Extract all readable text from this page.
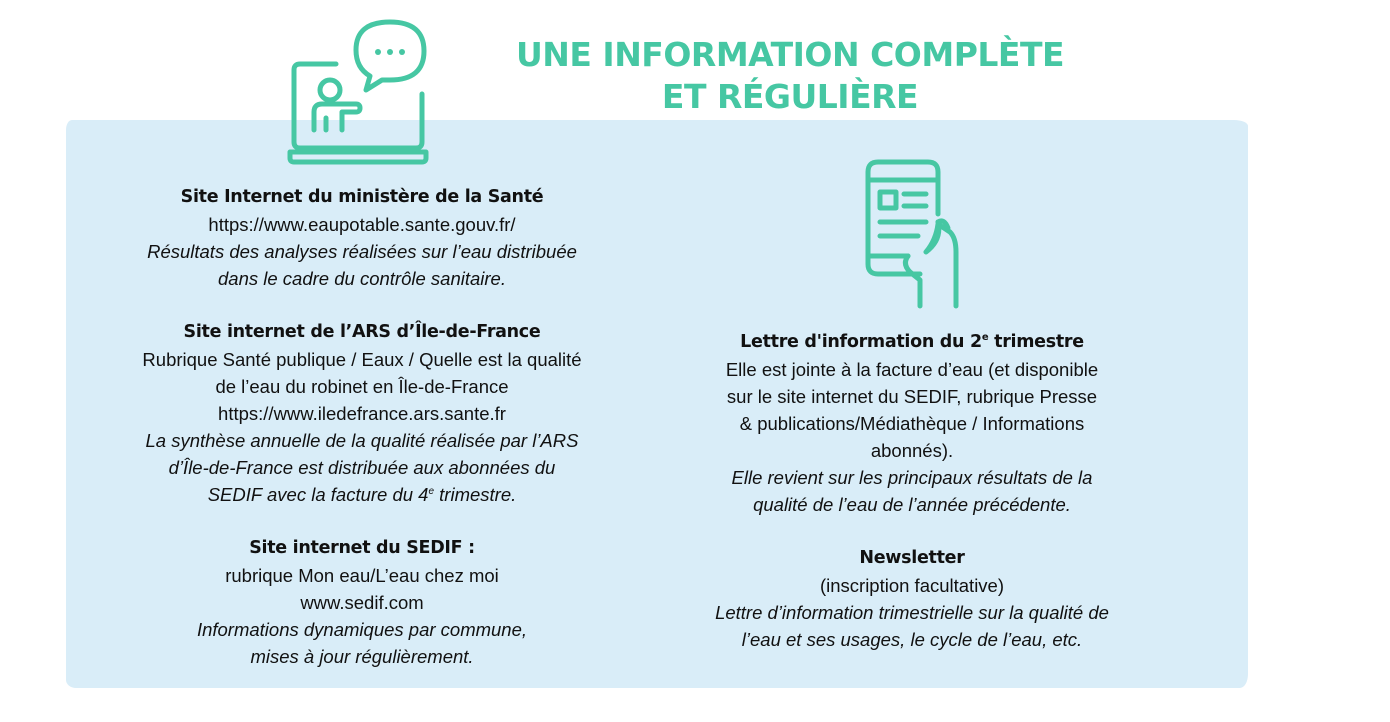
UNE INFORMATION COMPLÈTE
ET RÉGULIÈRE
Site Internet du ministère de la Santé
https://www.eaupotable.sante.gouv.fr/
Résultats des analyses réalisées sur l’eau distribuée
dans le cadre du contrôle sanitaire.
Site internet de l’ARS d’Île-de-France
Rubrique Santé publique / Eaux / Quelle est la qualité
de l’eau du robinet en Île-de-France
https://www.iledefrance.ars.sante.fr
La synthèse annuelle de la qualité réalisée par l’ARS
d’Île-de-France est distribuée aux abonnées du
SEDIF avec la facture du 4e trimestre.
Site internet du SEDIF :
rubrique Mon eau/L’eau chez moi
www.sedif.com
Informations dynamiques par commune,
mises à jour régulièrement.
Lettre d'information du 2e trimestre
Elle est jointe à la facture d’eau (et disponible
sur le site internet du SEDIF, rubrique Presse
& publications/Médiathèque / Informations
abonnés).
Elle revient sur les principaux résultats de la
qualité de l’eau de l’année précédente.
Newsletter
(inscription facultative)
Lettre d’information trimestrielle sur la qualité de
l’eau et ses usages, le cycle de l’eau, etc.
